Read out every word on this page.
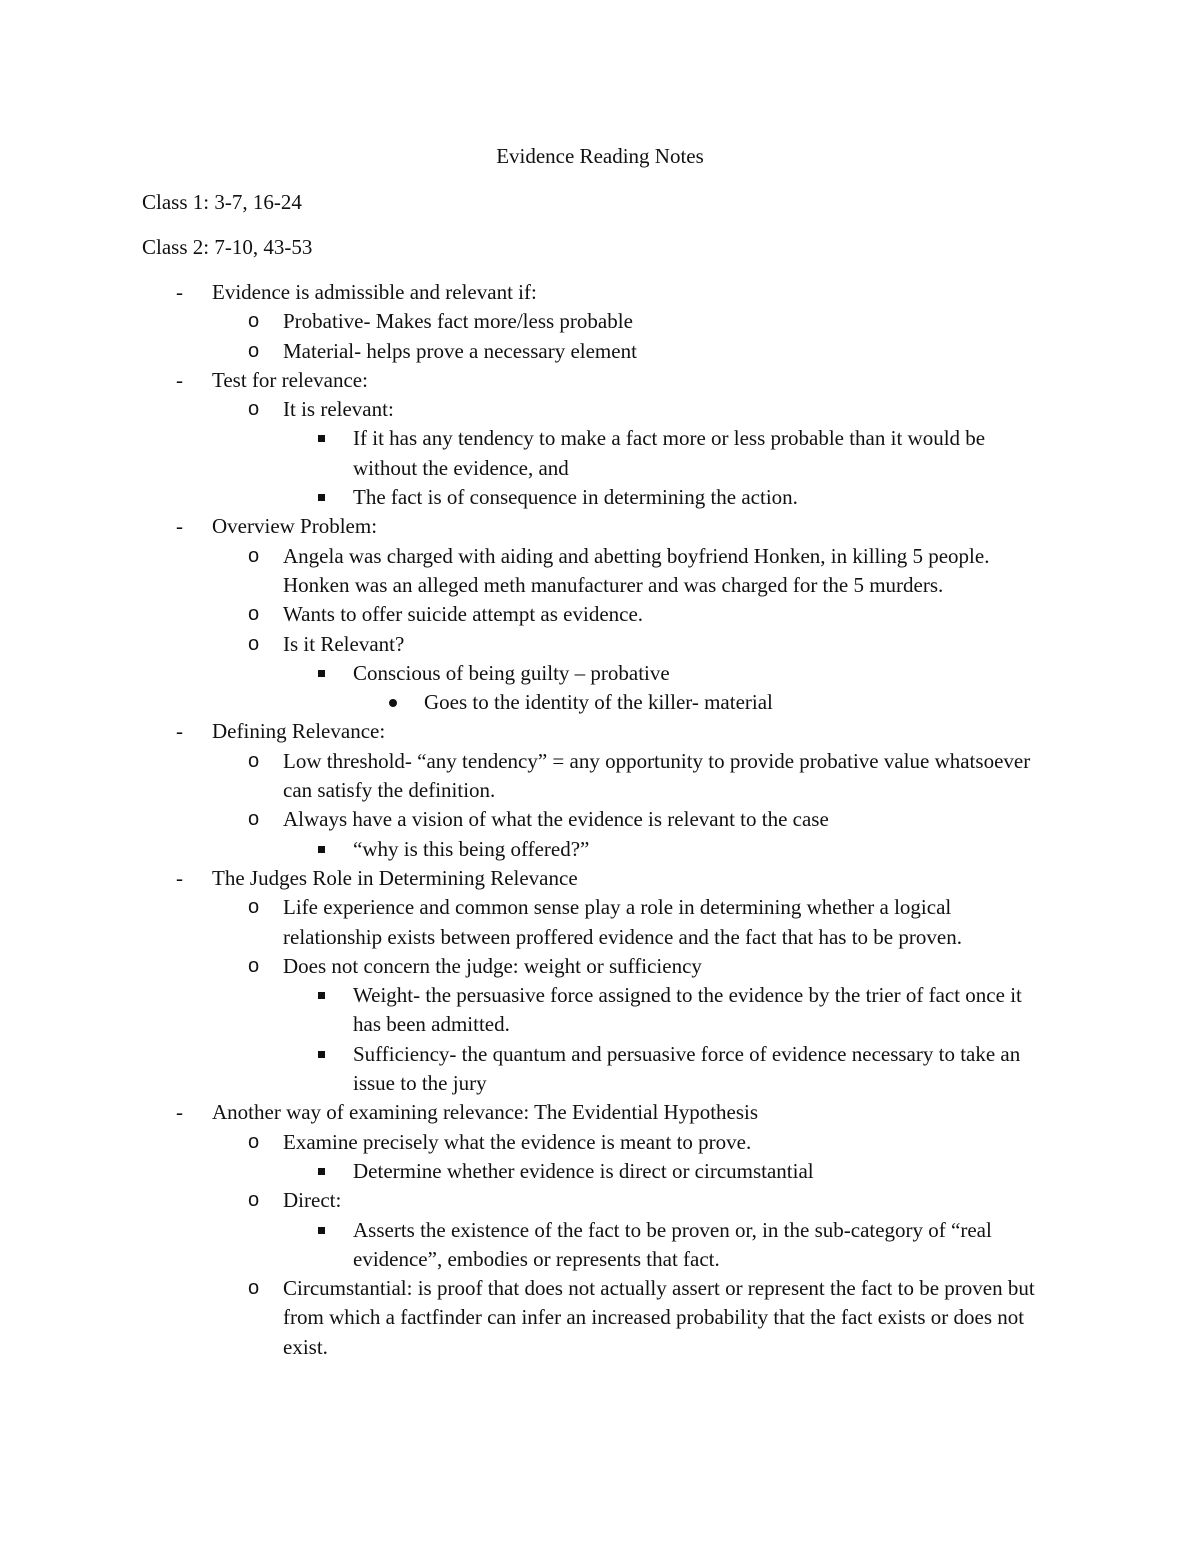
Evidence Reading Notes
Class 1: 3-7, 16-24
Class 2: 7-10, 43-53
- Evidence is admissible and relevant if:
o Probative- Makes fact more/less probable
o Material- helps prove a necessary element
- Test for relevance:
o It is relevant:
If it has any tendency to make a fact more or less probable than it would be without the evidence, and
The fact is of consequence in determining the action.
- Overview Problem:
o Angela was charged with aiding and abetting boyfriend Honken, in killing 5 people. Honken was an alleged meth manufacturer and was charged for the 5 murders.
o Wants to offer suicide attempt as evidence.
o Is it Relevant?
Conscious of being guilty – probative
Goes to the identity of the killer- material
- Defining Relevance:
o Low threshold- “any tendency” = any opportunity to provide probative value whatsoever can satisfy the definition.
o Always have a vision of what the evidence is relevant to the case
“why is this being offered?”
- The Judges Role in Determining Relevance
o Life experience and common sense play a role in determining whether a logical relationship exists between proffered evidence and the fact that has to be proven.
o Does not concern the judge: weight or sufficiency
Weight- the persuasive force assigned to the evidence by the trier of fact once it has been admitted.
Sufficiency- the quantum and persuasive force of evidence necessary to take an issue to the jury
- Another way of examining relevance: The Evidential Hypothesis
o Examine precisely what the evidence is meant to prove.
Determine whether evidence is direct or circumstantial
o Direct:
Asserts the existence of the fact to be proven or, in the sub-category of “real evidence”, embodies or represents that fact.
o Circumstantial: is proof that does not actually assert or represent the fact to be proven but from which a factfinder can infer an increased probability that the fact exists or does not exist.
